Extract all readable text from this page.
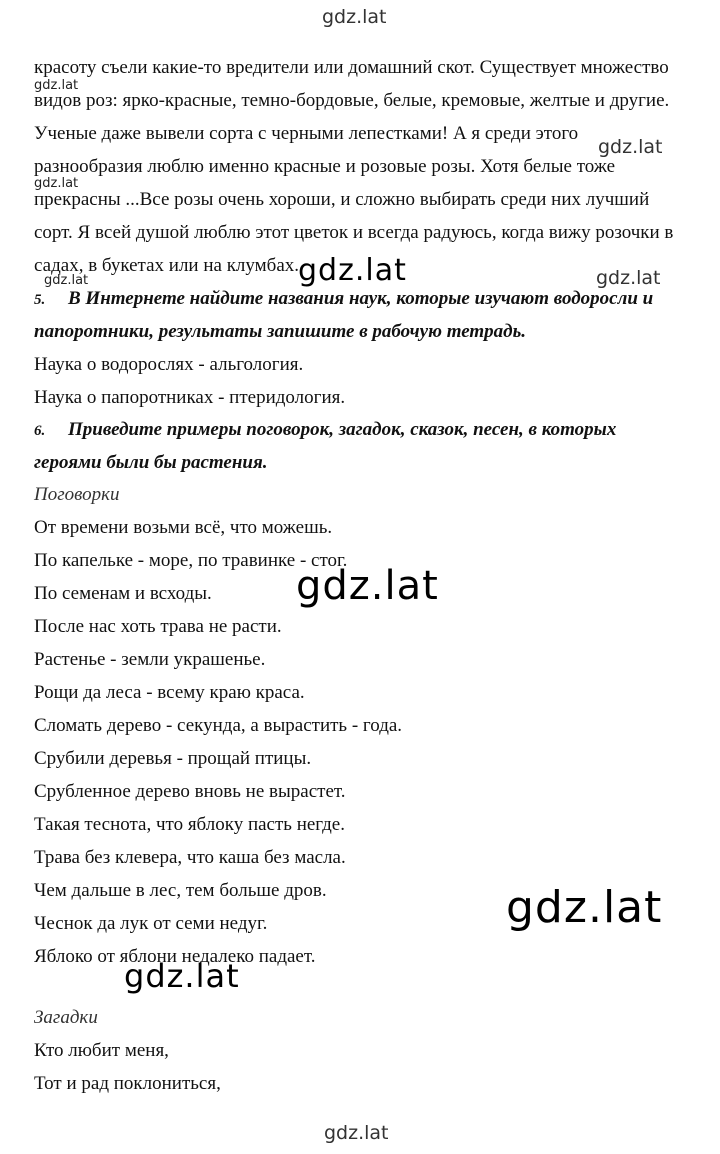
красоту съели какие-то вредители или домашний скот. Существует множество
видов роз: ярко-красные, темно-бордовые, белые, кремовые, желтые и другие.
Ученые даже вывели сорта с черными лепестками! А я среди этого
разнообразия люблю именно красные и розовые розы. Хотя белые тоже
прекрасны ...Все розы очень хороши, и сложно выбирать среди них лучший
сорт. Я всей душой люблю этот цветок и всегда радуюсь, когда вижу розочки в
садах, в букетах или на клумбах.
5. В Интернете найдите названия наук, которые изучают водоросли и
папоротники, результаты запишите в рабочую тетрадь.
Наука о водорослях - альгология.
Наука о папоротниках - птеридология.
6. Приведите примеры поговорок, загадок, сказок, песен, в которых
героями были бы растения.
Поговорки
От времени возьми всё, что можешь.
По капельке - море, по травинке - стог.
По семенам и всходы.
После нас хоть трава не расти.
Растенье - земли украшенье.
Рощи да леса - всему краю краса.
Сломать дерево - секунда, а вырастить - года.
Срубили деревья - прощай птицы.
Срубленное дерево вновь не вырастет.
Такая теснота, что яблоку пасть негде.
Трава без клевера, что каша без масла.
Чем дальше в лес, тем больше дров.
Чеснок да лук от семи недуг.
Яблоко от яблони недалеко падает.
Загадки
Кто любит меня,
Тот и рад поклониться,
gdz.lat
gdz.lat
gdz.lat
gdz.lat
gdz.lat	gdz.lat	gdz.lat
gdz.lat
gdz.lat
gdz.lat
gdz.lat
